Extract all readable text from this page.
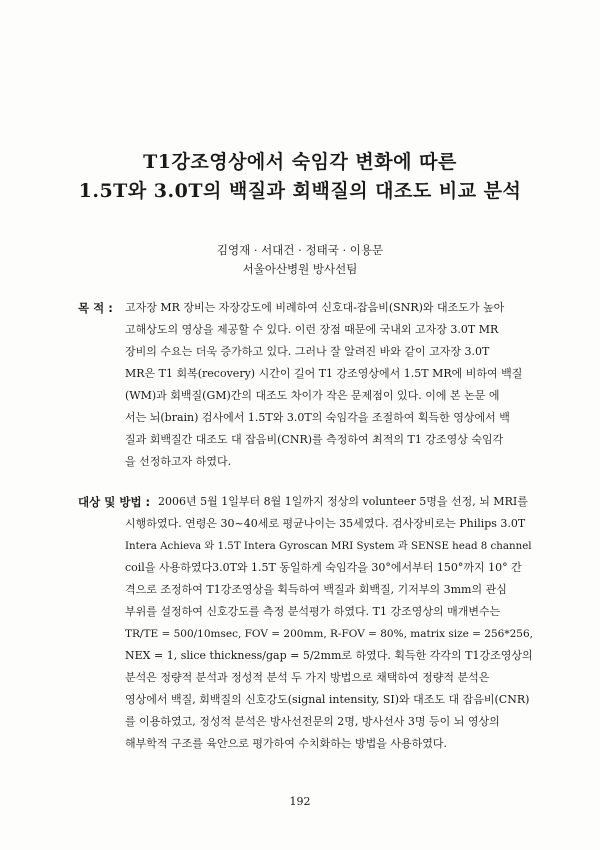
T1강조영상에서 숙임각 변화에 따른
1.5T와 3.0T의 백질과 회백질의 대조도 비교 분석
김영재 · 서대건 · 정태국 · 이용문
서울아산병원 방사선팀
목 적 : 고자장 MR 장비는 자장강도에 비례하여 신호대-잡음비(SNR)와 대조도가 높아
고해상도의 영상을 제공할 수 있다. 이런 장점 때문에 국내외 고자장 3.0T MR
장비의 수요는 더욱 증가하고 있다. 그러나 잘 알려진 바와 같이 고자장 3.0T
MR은 T1 회복(recovery) 시간이 길어 T1 강조영상에서 1.5T MR에 비하여 백질
(WM)과 회백질(GM)간의 대조도 차이가 작은 문제점이 있다. 이에 본 논문 에
서는 뇌(brain) 검사에서 1.5T와 3.0T의 숙임각을 조절하여 획득한 영상에서 백
질과 회백질간 대조도 대 잡음비(CNR)를 측정하여 최적의 T1 강조영상 숙임각
을 선정하고자 하였다.
대상 및 방법 : 2006년 5월 1일부터 8월 1일까지 정상의 volunteer 5명을 선정, 뇌 MRI를
시행하였다. 연령은 30~40세로 평균나이는 35세였다. 검사장비로는 Philips 3.0T
Intera Achieva 와 1.5T Intera Gyroscan MRI System 과 SENSE head 8 channel
coil을 사용하였다3.0T와 1.5T 동일하게 숙임각을 30°에서부터 150°까지 10° 간
격으로 조정하여 T1강조영상을 획득하여 백질과 회백질, 기저부의 3mm의 관심
부위를 설정하여 신호강도를 측정 분석평가 하였다. T1 강조영상의 매개변수는
TR/TE = 500/10msec, FOV = 200mm, R-FOV = 80%, matrix size = 256*256,
NEX = 1, slice thickness/gap = 5/2mm로 하였다. 획득한 각각의 T1강조영상의
분석은 정량적 분석과 정성적 분석 두 가지 방법으로 채택하여 정량적 분석은
영상에서 백질, 회백질의 신호강도(signal intensity, SI)와 대조도 대 잡음비(CNR)
를 이용하였고, 정성적 분석은 방사선전문의 2명, 방사선사 3명 등이 뇌 영상의
해부학적 구조를 육안으로 평가하여 수치화하는 방법을 사용하였다.
192
